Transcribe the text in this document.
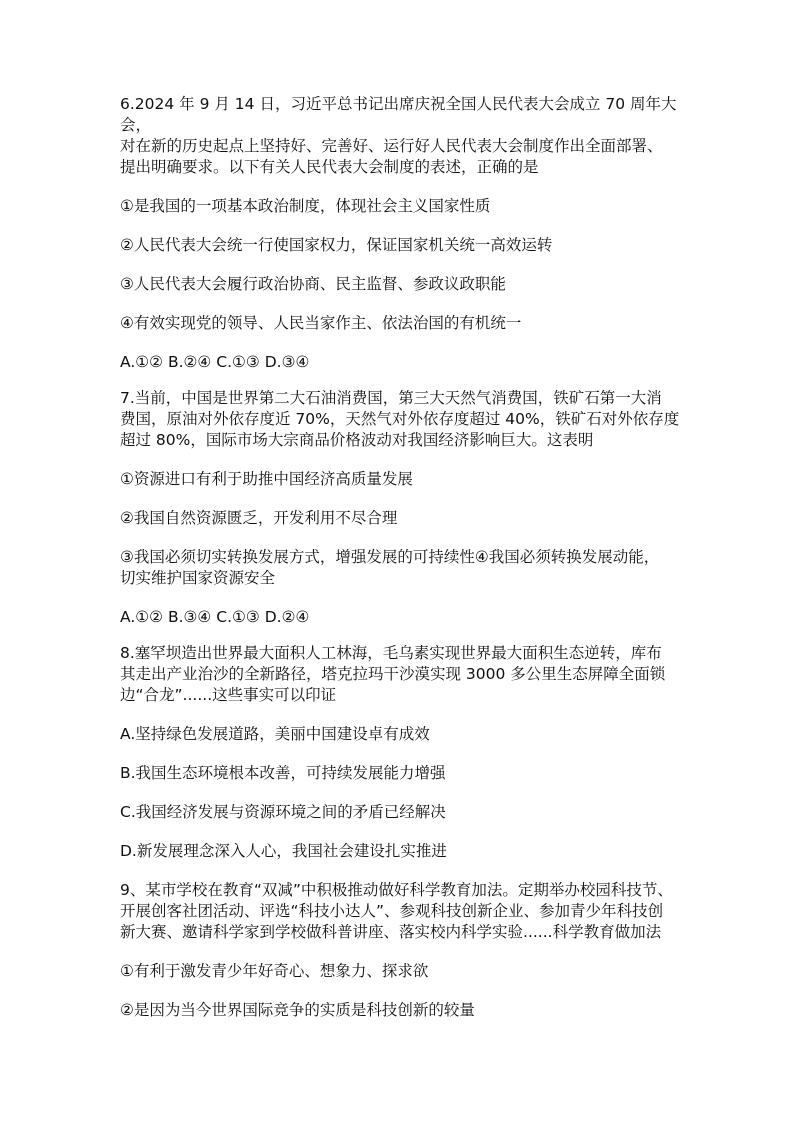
6.2024 年 9 月 14 日，习近平总书记出席庆祝全国人民代表大会成立 70 周年大会，

对在新的历史起点上坚持好、完善好、运行好人民代表大会制度作出全面部署、

提出明确要求。以下有关人民代表大会制度的表述，正确的是

①是我国的一项基本政治制度，体现社会主义国家性质

②人民代表大会统一行使国家权力，保证国家机关统一高效运转

③人民代表大会履行政治协商、民主监督、参政议政职能

④有效实现党的领导、人民当家作主、依法治国的有机统一

A.①② B.②④ C.①③ D.③④

7.当前，中国是世界第二大石油消费国，第三大天然气消费国，铁矿石第一大消

费国，原油对外依存度近 70%，天然气对外依存度超过 40%，铁矿石对外依存度

超过 80%，国际市场大宗商品价格波动对我国经济影响巨大。这表明

①资源进口有利于助推中国经济高质量发展

②我国自然资源匮乏，开发利用不尽合理

③我国必须切实转换发展方式，增强发展的可持续性④我国必须转换发展动能，

切实维护国家资源安全

A.①② B.③④ C.①③ D.②④

8.塞罕坝造出世界最大面积人工林海，毛乌素实现世界最大面积生态逆转，库布

其走出产业治沙的全新路径，塔克拉玛干沙漠实现 3000 多公里生态屏障全面锁

边“合龙”......这些事实可以印证

A.坚持绿色发展道路，美丽中国建设卓有成效

B.我国生态环境根本改善，可持续发展能力增强

C.我国经济发展与资源环境之间的矛盾已经解决

D.新发展理念深入人心，我国社会建设扎实推进

9、某市学校在教育“双减”中积极推动做好科学教育加法。定期举办校园科技节、

开展创客社团活动、评选“科技小达人”、参观科技创新企业、参加青少年科技创

新大赛、邀请科学家到学校做科普讲座、落实校内科学实验......科学教育做加法

①有利于激发青少年好奇心、想象力、探求欲

②是因为当今世界国际竞争的实质是科技创新的较量
